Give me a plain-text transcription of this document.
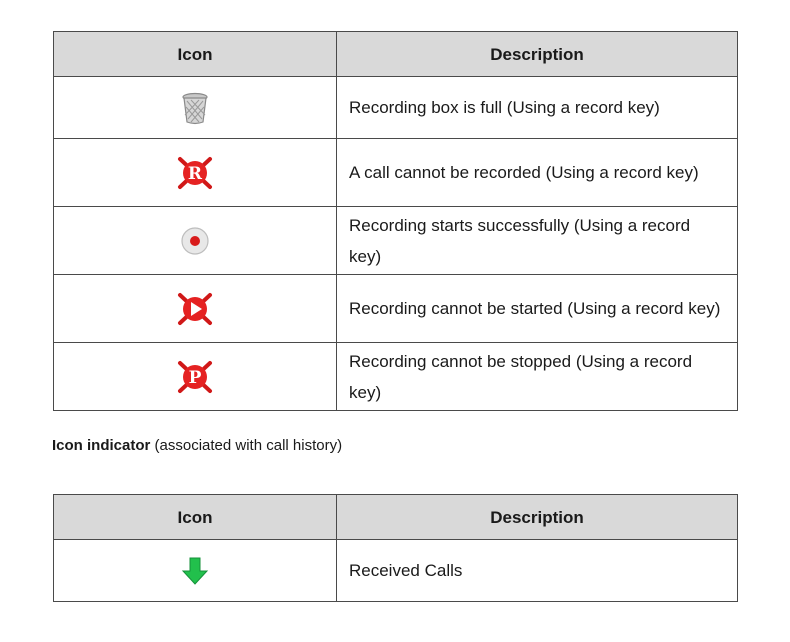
Icon	Description
	Recording box is full (Using a record key)

R	A call cannot be recorded (Using a record key)
	Recording starts successfully (Using a record key)
	Recording cannot be started (Using a record key)

P	Recording cannot be stopped (Using a record key)
Icon indicator (associated with call history)
Icon	Description
	Received Calls
